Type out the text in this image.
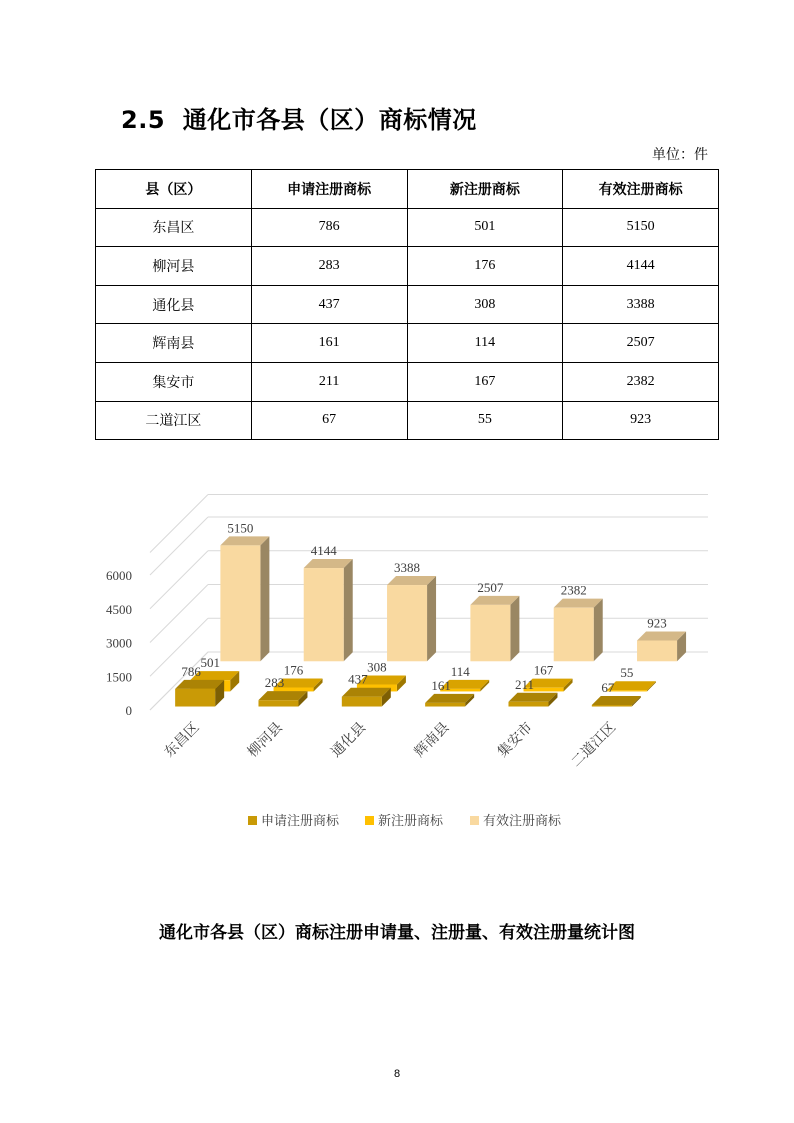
2.5 通化市各县（区）商标情况
单位：件
县（区）	申请注册商标	新注册商标	有效注册商标
东昌区	786	501	5150
柳河县	283	176	4144
通化县	437	308	3388
辉南县	161	114	2507
集安市	211	167	2382
二道江区	67	55	923
0
1500
3000
4500
6000
5150
4144
3388
2507	2382
923
501	176	308	114	167	55
786
283	437	161	211	67
东昌区	柳河县	通化县	辉南县	集安市 二道江区
申请注册商标	新注册商标	有效注册商标
通化市各县（区）商标注册申请量、注册量、有效注册量统计图
8
